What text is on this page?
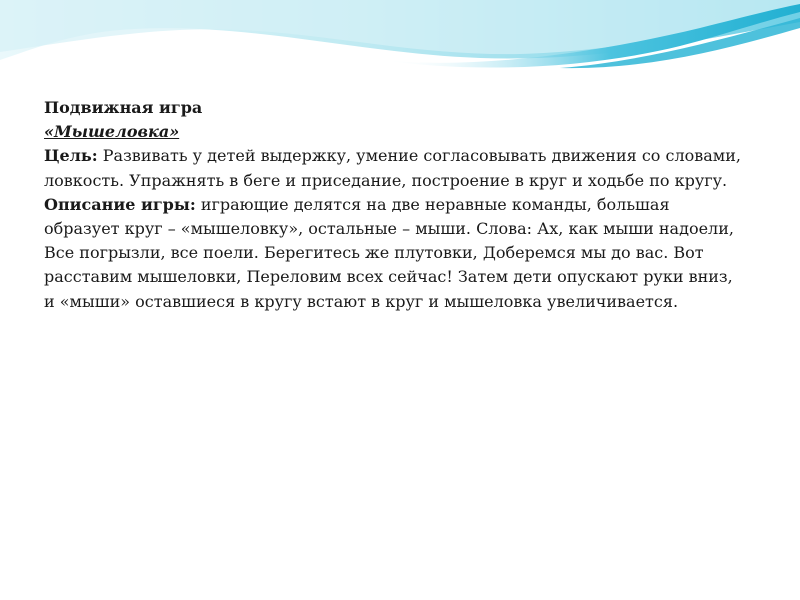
Подвижная игра

«Мышеловка»

Цель: Развивать у детей выдержку, умение согласовывать движения со словами, ловкость. Упражнять в беге и приседание, построение в круг и ходьбе по кругу.

Описание игры: играющие делятся на две неравные команды, большая образует круг – «мышеловку», остальные – мыши. Слова: Ах, как мыши надоели, Все погрызли, все поели. Берегитесь же плутовки, Доберемся мы до вас. Вот расставим мышеловки, Переловим всех сейчас! Затем дети опускают руки вниз, и «мыши» оставшиеся в кругу встают в круг и мышеловка увеличивается.
